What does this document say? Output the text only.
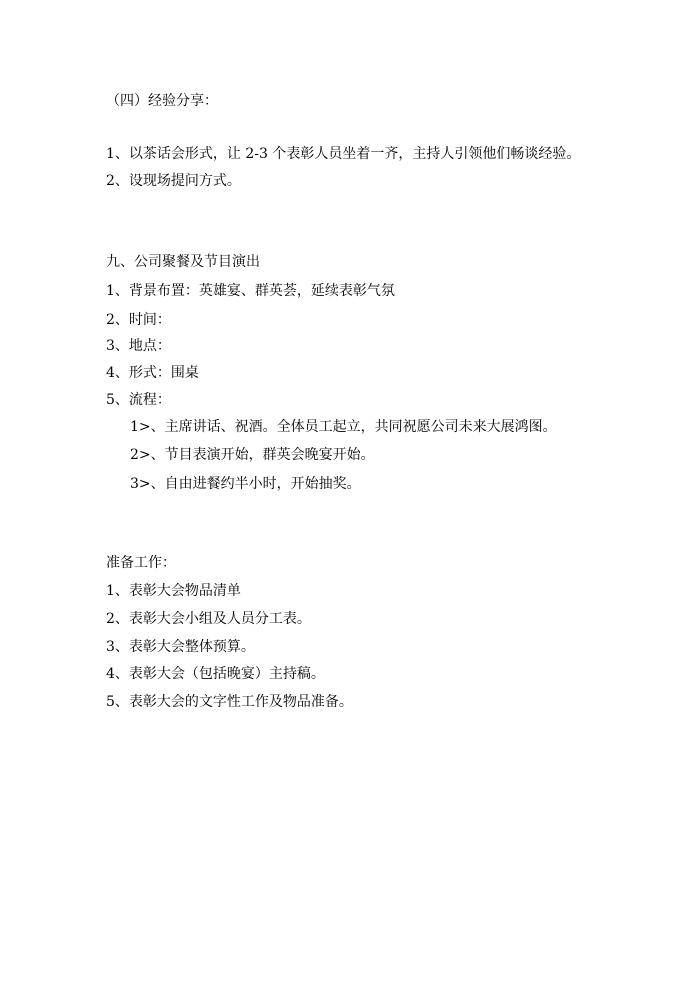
（四）经验分享：
1、以茶话会形式，让 2-3 个表彰人员坐着一齐，主持人引领他们畅谈经验。
2、设现场提问方式。
九、公司聚餐及节目演出
1、背景布置：英雄宴、群英荟，延续表彰气氛
2、时间：
3、地点：
4、形式：围桌
5、流程：
1>、主席讲话、祝酒。全体员工起立，共同祝愿公司未来大展鸿图。
2>、节目表演开始，群英会晚宴开始。
3>、自由进餐约半小时，开始抽奖。
准备工作：
1、表彰大会物品清单
2、表彰大会小组及人员分工表。
3、表彰大会整体预算。
4、表彰大会（包括晚宴）主持稿。
5、表彰大会的文字性工作及物品准备。
